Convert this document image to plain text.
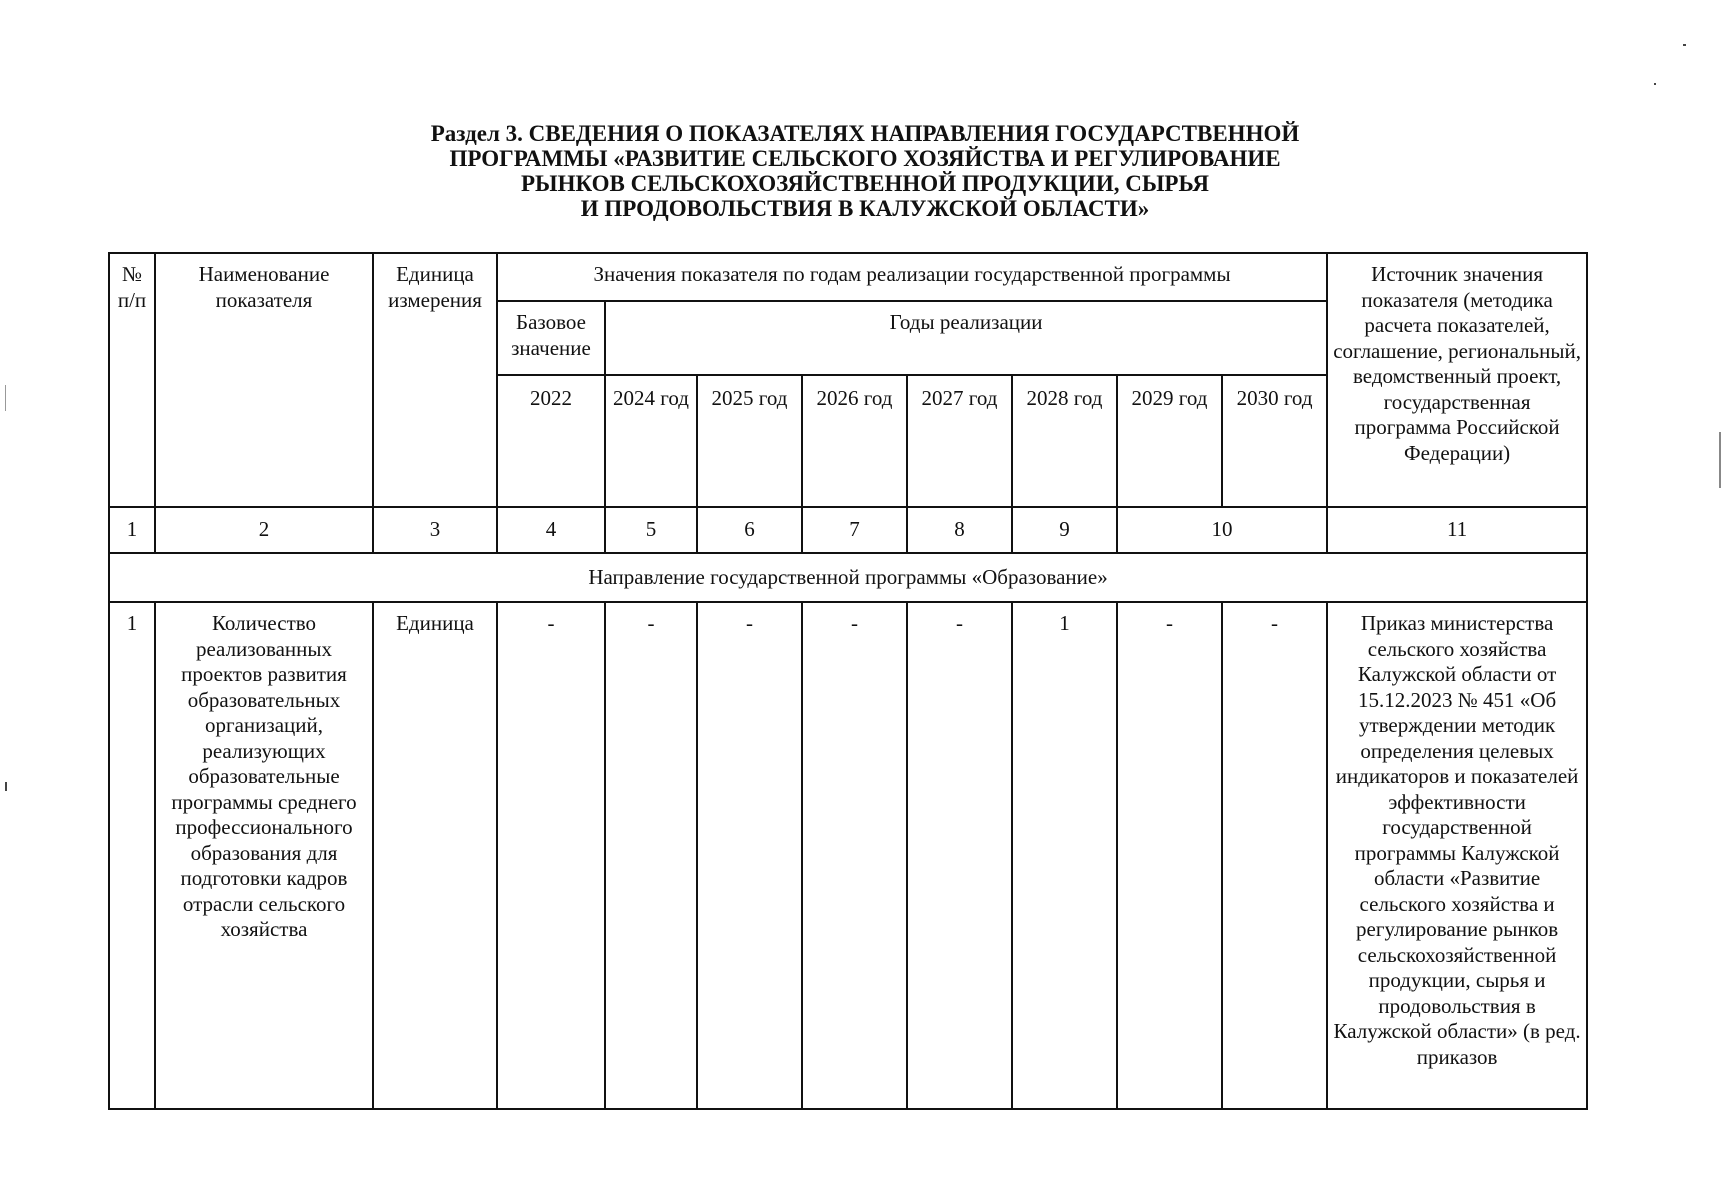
Раздел 3. СВЕДЕНИЯ О ПОКАЗАТЕЛЯХ НАПРАВЛЕНИЯ ГОСУДАРСТВЕННОЙ
ПРОГРАММЫ «РАЗВИТИЕ СЕЛЬСКОГО ХОЗЯЙСТВА И РЕГУЛИРОВАНИЕ
РЫНКОВ СЕЛЬСКОХОЗЯЙСТВЕННОЙ ПРОДУКЦИИ, СЫРЬЯ
И ПРОДОВОЛЬСТВИЯ В КАЛУЖСКОЙ ОБЛАСТИ»
№ п/п	Наименование показателя	Единица измерения	Значения показателя по годам реализации государственной программы								Источник значения показателя (методика расчета показателей, соглашение, региональный, ведомственный проект, государственная программа Российской Федерации)
			Базовое значение	Годы реализации							
			2022	2024 год	2025 год	2026 год	2027 год	2028 год	2029 год	2030 год	
1	2	3	4	5	6	7	8	9	10		11
Направление государственной программы «Образование»											
1	Количество реализованных проектов развития образовательных организаций, реализующих образовательные программы среднего профессионального образования для подготовки кадров отрасли сельского хозяйства	Единица	-	-	-	-	-	1	-	-	Приказ министерства сельского хозяйства Калужской области от 15.12.2023 № 451 «Об утверждении методик определения целевых индикаторов и показателей эффективности государственной программы Калужской области «Развитие сельского хозяйства и регулирование рынков сельскохозяйственной продукции, сырья и продовольствия в Калужской области» (в ред. приказов
